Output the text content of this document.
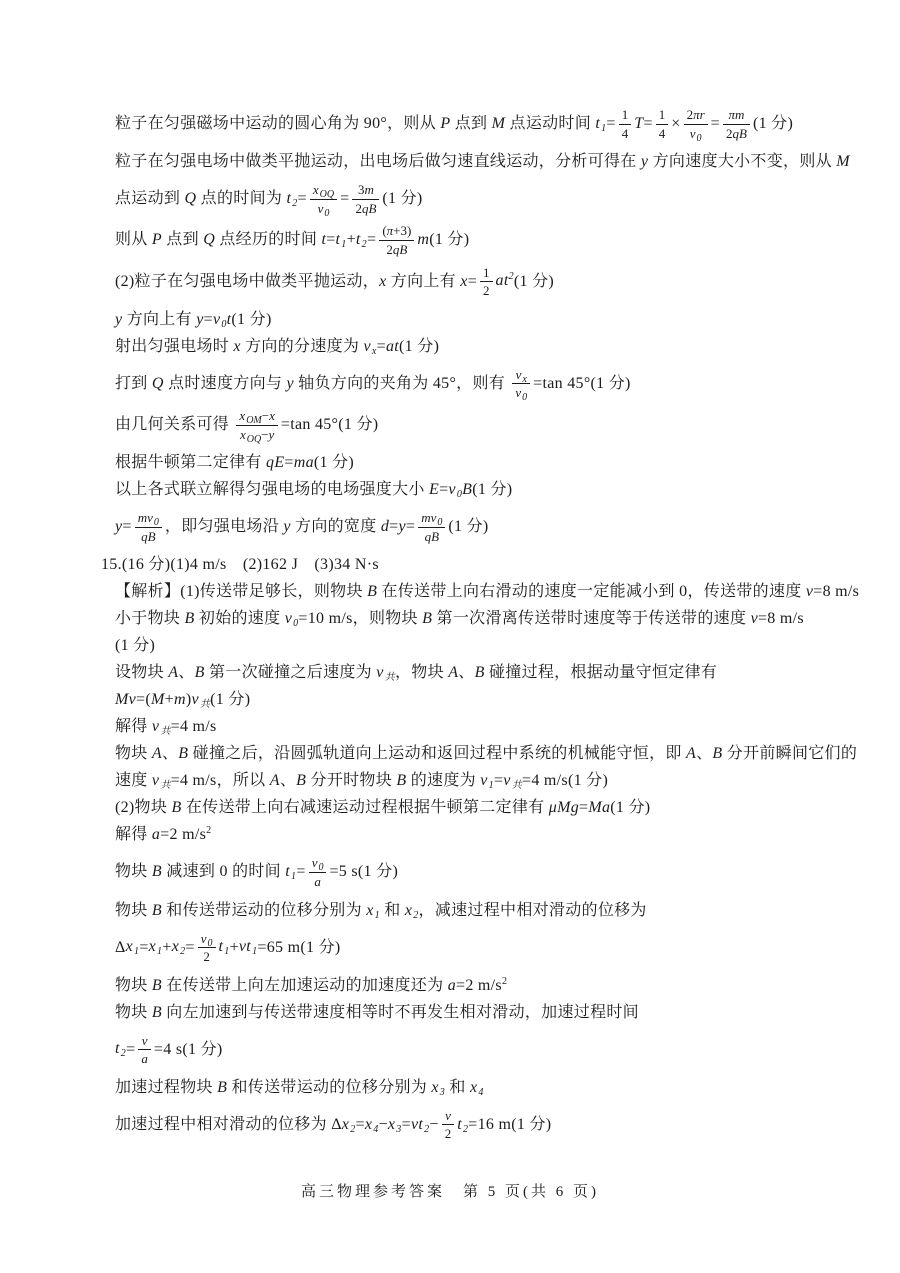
粒子在匀强磁场中运动的圆心角为 90°，则从 P 点到 M 点运动时间 $t_1= \frac{1}{4} T= \frac{1}{4} \times \frac{2\pi r}{v_0} = \frac{\pi m}{2qB} (1$ 分)
粒子在匀强电场中做类平抛运动，出电场后做匀速直线运动，分析可得在 y 方向速度大小不变，则从 M
点运动到 Q 点的时间为 $t_2= \frac{x_{OQ}}{v_0} = \frac{3m}{2qB} (1$ 分)
则从 P 点到 Q 点经历的时间 $t=t_1+t_2= \frac{(\pi+3)}{2qB} m(1$ 分)
(2)粒子在匀强电场中做类平抛运动，x 方向上有 $x= \frac{1}{2} at^2(1$ 分)
y 方向上有 $y=v_0t(1$ 分)
射出匀强电场时 x 方向的分速度为 $v_x=at(1$ 分)
打到 Q 点时速度方向与 y 轴负方向的夹角为 45°，则有 $\frac{v_x}{v_0} =\tan$ 45°(1 分)
由几何关系可得 $\frac{x_{OM}-x}{x_{OQ}-y} =\tan$ 45°(1 分)
根据牛顿第二定律有 qE=ma(1 分)
以上各式联立解得匀强电场的电场强度大小 $E=v_0B(1$ 分)
$y= \frac{mv_0}{qB}$ ，即匀强电场沿 y 方向的宽度 $d=y= \frac{mv_0}{qB} (1$ 分)
15.(16 分)(1)4 m/s　(2)162 J　(3)34 N·s
【解析】(1)传送带足够长，则物块 B 在传送带上向右滑动的速度一定能减小到 0，传送带的速度 v=8 m/s
小于物块 B 初始的速度 $v_0=10$ m/s，则物块 B 第一次滑离传送带时速度等于传送带的速度 v=8 m/s
(1 分)
设物块 A、B 第一次碰撞之后速度为 $v_共$，物块 A、B 碰撞过程，根据动量守恒定律有
$Mv=(M+m)v_共(1$ 分)
解得 $v_共=4$ m/s
物块 A、B 碰撞之后，沿圆弧轨道向上运动和返回过程中系统的机械能守恒，即 A、B 分开前瞬间它们的
速度 $v_共=4$ m/s，所以 A、B 分开时物块 B 的速度为 $v_1=v_共=4$ m/s(1 分)
(2)物块 B 在传送带上向右减速运动过程根据牛顿第二定律有 μMg=Ma(1 分)
解得 a=2 $m/s^2$
物块 B 减速到 0 的时间 $t_1= \frac{v_0}{a} =5$ s(1 分)
物块 B 和传送带运动的位移分别为 $x_1$ 和 $x_2$，减速过程中相对滑动的位移为
$\Delta x_1=x_1+x_2= \frac{v_0}{2} t_1+vt_1=65$ m(1 分)
物块 B 在传送带上向左加速运动的加速度还为 a=2 $m/s^2$
物块 B 向左加速到与传送带速度相等时不再发生相对滑动，加速过程时间
$t_2= \frac{v}{a} =4$ s(1 分)
加速过程物块 B 和传送带运动的位移分别为 $x_3$ 和 $x_4$
加速过程中相对滑动的位移为 $\Delta x_2=x_4-x_3=vt_2- \frac{v}{2} t_2=16$ m(1 分)
高三物理参考答案　第 5 页(共 6 页)
